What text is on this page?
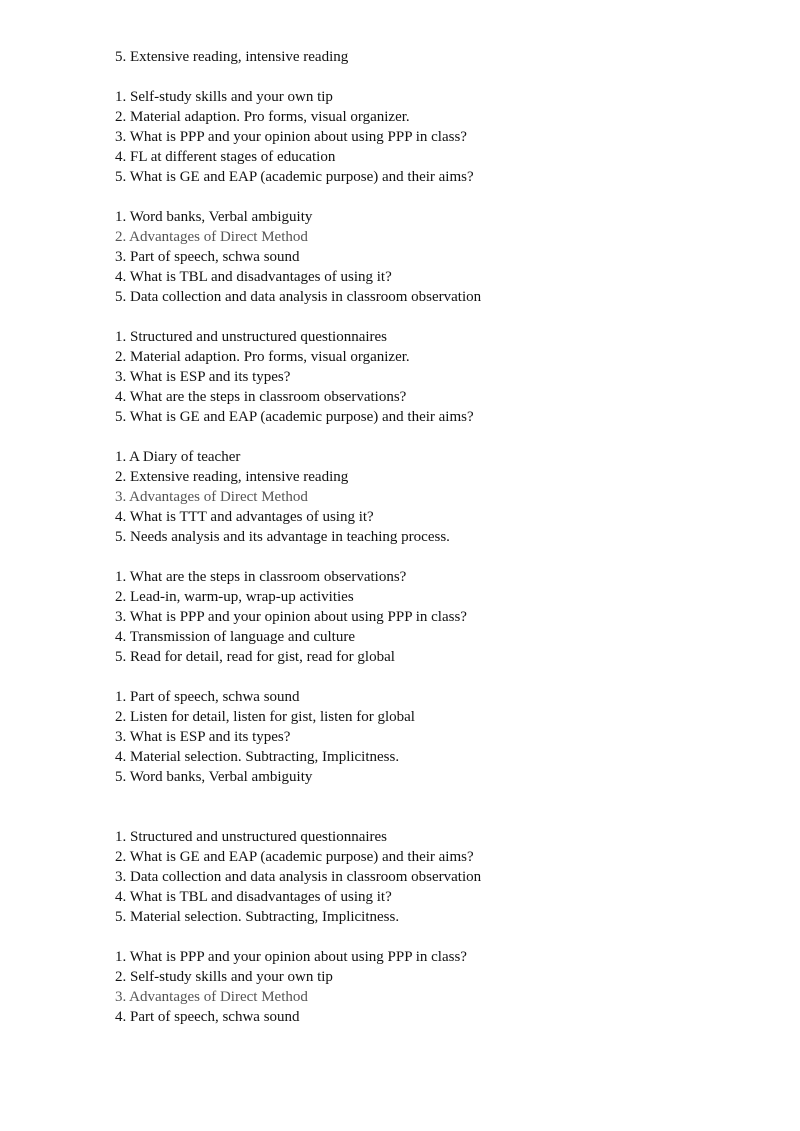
5. Extensive reading, intensive reading
1. Self-study skills and your own tip
2. Material adaption. Pro forms, visual organizer.
3. What is PPP and your opinion about using PPP in class?
4. FL at different stages of education
5. What is GE and EAP (academic purpose) and their aims?
1. Word banks, Verbal ambiguity
2. Advantages of Direct Method
3. Part of speech, schwa sound
4. What is TBL and disadvantages of using it?
5. Data collection and data analysis in classroom observation
1. Structured and unstructured questionnaires
2. Material adaption. Pro forms, visual organizer.
3. What is ESP and its types?
4. What are the steps in classroom observations?
5. What is GE and EAP (academic purpose) and their aims?
1. A Diary of teacher
2. Extensive reading, intensive reading
3. Advantages of Direct Method
4. What is TTT and advantages of using it?
5. Needs analysis and its advantage in teaching process.
1. What are the steps in classroom observations?
2. Lead-in, warm-up, wrap-up activities
3. What is PPP and your opinion about using PPP in class?
4. Transmission of language and culture
5. Read for detail, read for gist, read for global
1. Part of speech, schwa sound
2. Listen for detail, listen for gist, listen for global
3. What is ESP and its types?
4. Material selection. Subtracting, Implicitness.
5. Word banks, Verbal ambiguity
1. Structured and unstructured questionnaires
2. What is GE and EAP (academic purpose) and their aims?
3. Data collection and data analysis in classroom observation
4. What is TBL and disadvantages of using it?
5. Material selection. Subtracting, Implicitness.
1. What is PPP and your opinion about using PPP in class?
2. Self-study skills and your own tip
3. Advantages of Direct Method
4. Part of speech, schwa sound
